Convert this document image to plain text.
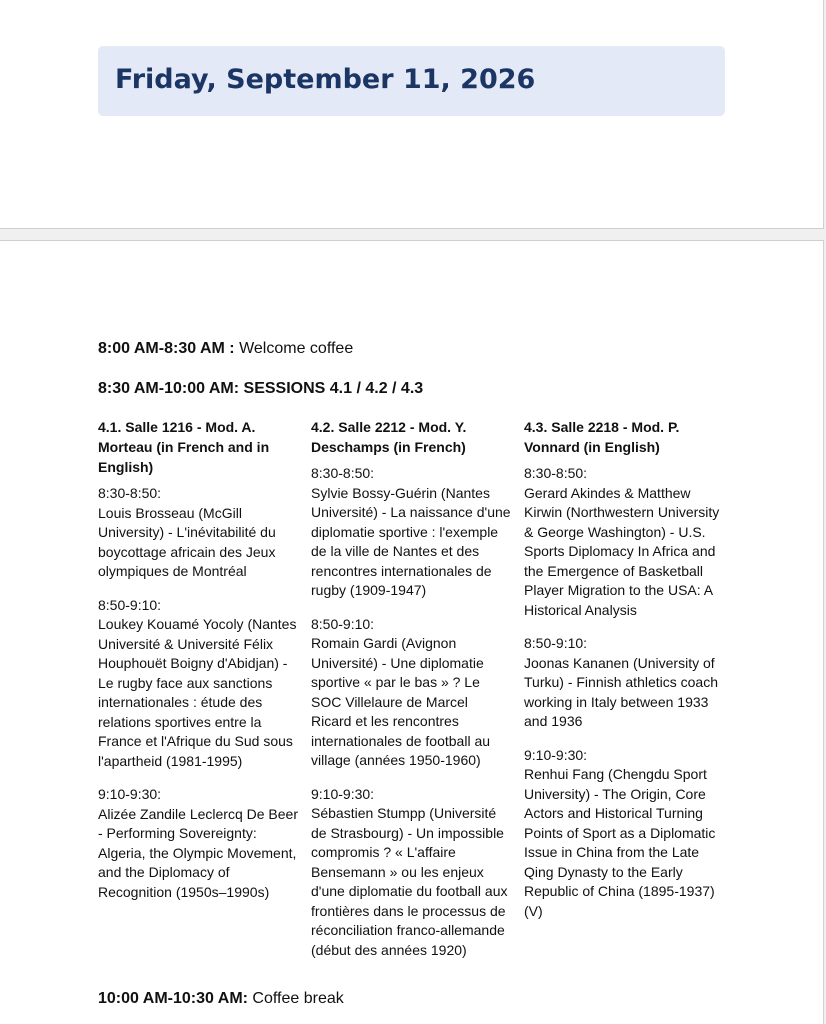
Friday, September 11, 2026
8:00 AM-8:30 AM : Welcome coffee
8:30 AM-10:00 AM: SESSIONS 4.1 / 4.2 / 4.3
4.1. Salle 1216 - Mod. A. Morteau (in French and in English)
8:30-8:50:
Louis Brosseau (McGill University) - L'inévitabilité du boycottage africain des Jeux olympiques de Montréal
8:50-9:10:
Loukey Kouamé Yocoly (Nantes Université & Université Félix Houphouët Boigny d'Abidjan) - Le rugby face aux sanctions internationales : étude des relations sportives entre la France et l'Afrique du Sud sous l'apartheid (1981-1995)
9:10-9:30:
Alizée Zandile Leclercq De Beer - Performing Sovereignty: Algeria, the Olympic Movement, and the Diplomacy of Recognition (1950s–1990s)
4.2. Salle 2212 - Mod. Y. Deschamps (in French)
8:30-8:50:
Sylvie Bossy-Guérin (Nantes Université) - La naissance d'une diplomatie sportive : l'exemple de la ville de Nantes et des rencontres internationales de rugby (1909-1947)
8:50-9:10:
Romain Gardi (Avignon Université) - Une diplomatie sportive « par le bas » ? Le SOC Villelaure de Marcel Ricard et les rencontres internationales de football au village (années 1950-1960)
9:10-9:30:
Sébastien Stumpp (Université de Strasbourg) - Un impossible compromis ? « L'affaire Bensemann » ou les enjeux d'une diplomatie du football aux frontières dans le processus de réconciliation franco-allemande (début des années 1920)
4.3. Salle 2218 - Mod. P. Vonnard (in English)
8:30-8:50:
Gerard Akindes & Matthew Kirwin (Northwestern University & George Washington) - U.S. Sports Diplomacy In Africa and the Emergence of Basketball Player Migration to the USA: A Historical Analysis
8:50-9:10:
Joonas Kananen (University of Turku) - Finnish athletics coach working in Italy between 1933 and 1936
9:10-9:30:
Renhui Fang (Chengdu Sport University) - The Origin, Core Actors and Historical Turning Points of Sport as a Diplomatic Issue in China from the Late Qing Dynasty to the Early Republic of China (1895-1937) (V)
10:00 AM-10:30 AM: Coffee break
